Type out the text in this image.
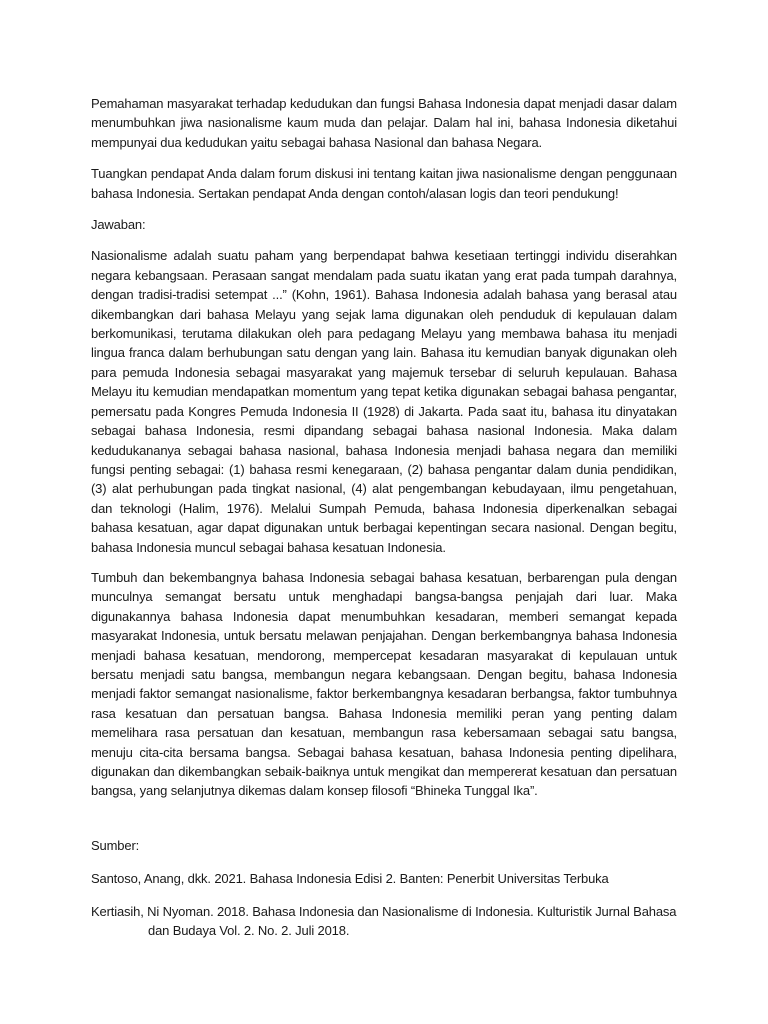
Pemahaman masyarakat terhadap kedudukan dan fungsi Bahasa Indonesia dapat menjadi dasar dalam menumbuhkan jiwa nasionalisme kaum muda dan pelajar. Dalam hal ini, bahasa Indonesia diketahui mempunyai dua kedudukan yaitu sebagai bahasa Nasional dan bahasa Negara.

Tuangkan pendapat Anda dalam forum diskusi ini tentang kaitan jiwa nasionalisme dengan penggunaan bahasa Indonesia. Sertakan pendapat Anda dengan contoh/alasan logis dan teori pendukung!

Jawaban:

Nasionalisme adalah suatu paham yang berpendapat bahwa kesetiaan tertinggi individu diserahkan negara kebangsaan. Perasaan sangat mendalam pada suatu ikatan yang erat pada tumpah darahnya, dengan tradisi-tradisi setempat ...” (Kohn, 1961). Bahasa Indonesia adalah bahasa yang berasal atau dikembangkan dari bahasa Melayu yang sejak lama digunakan oleh penduduk di kepulauan dalam berkomunikasi, terutama dilakukan oleh para pedagang Melayu yang membawa bahasa itu menjadi lingua franca dalam berhubungan satu dengan yang lain. Bahasa itu kemudian banyak digunakan oleh para pemuda Indonesia sebagai masyarakat yang majemuk tersebar di seluruh kepulauan. Bahasa Melayu itu kemudian mendapatkan momentum yang tepat ketika digunakan sebagai bahasa pengantar, pemersatu pada Kongres Pemuda Indonesia II (1928) di Jakarta. Pada saat itu, bahasa itu dinyatakan sebagai bahasa Indonesia, resmi dipandang sebagai bahasa nasional Indonesia. Maka dalam kedudukananya sebagai bahasa nasional, bahasa Indonesia menjadi bahasa negara dan memiliki fungsi penting sebagai: (1) bahasa resmi kenegaraan, (2) bahasa pengantar dalam dunia pendidikan, (3) alat perhubungan pada tingkat nasional, (4) alat pengembangan kebudayaan, ilmu pengetahuan, dan teknologi (Halim, 1976). Melalui Sumpah Pemuda, bahasa Indonesia diperkenalkan sebagai bahasa kesatuan, agar dapat digunakan untuk berbagai kepentingan secara nasional. Dengan begitu, bahasa Indonesia muncul sebagai bahasa kesatuan Indonesia.

Tumbuh dan bekembangnya bahasa Indonesia sebagai bahasa kesatuan, berbarengan pula dengan munculnya semangat bersatu untuk menghadapi bangsa-bangsa penjajah dari luar. Maka digunakannya bahasa Indonesia dapat menumbuhkan kesadaran, memberi semangat kepada masyarakat Indonesia, untuk bersatu melawan penjajahan. Dengan berkembangnya bahasa Indonesia menjadi bahasa kesatuan, mendorong, mempercepat kesadaran masyarakat di kepulauan untuk bersatu menjadi satu bangsa, membangun negara kebangsaan. Dengan begitu, bahasa Indonesia menjadi faktor semangat nasionalisme, faktor berkembangnya kesadaran berbangsa, faktor tumbuhnya rasa kesatuan dan persatuan bangsa. Bahasa Indonesia memiliki peran yang penting dalam memelihara rasa persatuan dan kesatuan, membangun rasa kebersamaan sebagai satu bangsa, menuju cita-cita bersama bangsa. Sebagai bahasa kesatuan, bahasa Indonesia penting dipelihara, digunakan dan dikembangkan sebaik-baiknya untuk mengikat dan mempererat kesatuan dan persatuan bangsa, yang selanjutnya dikemas dalam konsep filosofi “Bhineka Tunggal Ika”.

Sumber:

Santoso, Anang, dkk. 2021. Bahasa Indonesia Edisi 2. Banten: Penerbit Universitas Terbuka

Kertiasih, Ni Nyoman. 2018. Bahasa Indonesia dan Nasionalisme di Indonesia. Kulturistik Jurnal Bahasa dan Budaya Vol. 2. No. 2. Juli 2018.
